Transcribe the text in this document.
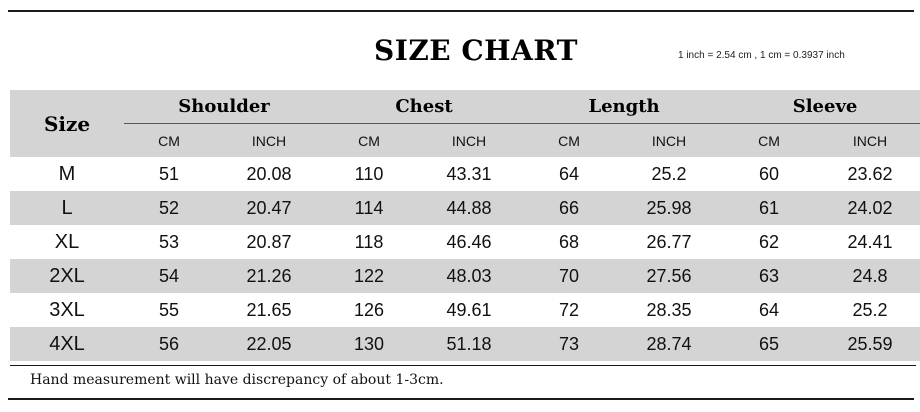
SIZE CHART	1 inch = 2.54 cm , 1 cm = 0.3937 inch
Size	Shoulder		Chest		Length		Sleeve	
	CM	INCH	CM	INCH	CM	INCH	CM	INCH
M	51	20.08	110	43.31	64	25.2	60	23.62
L	52	20.47	114	44.88	66	25.98	61	24.02
XL	53	20.87	118	46.46	68	26.77	62	24.41
2XL	54	21.26	122	48.03	70	27.56	63	24.8
3XL	55	21.65	126	49.61	72	28.35	64	25.2
4XL	56	22.05	130	51.18	73	28.74	65	25.59
Hand measurement will have discrepancy of about 1-3cm.
